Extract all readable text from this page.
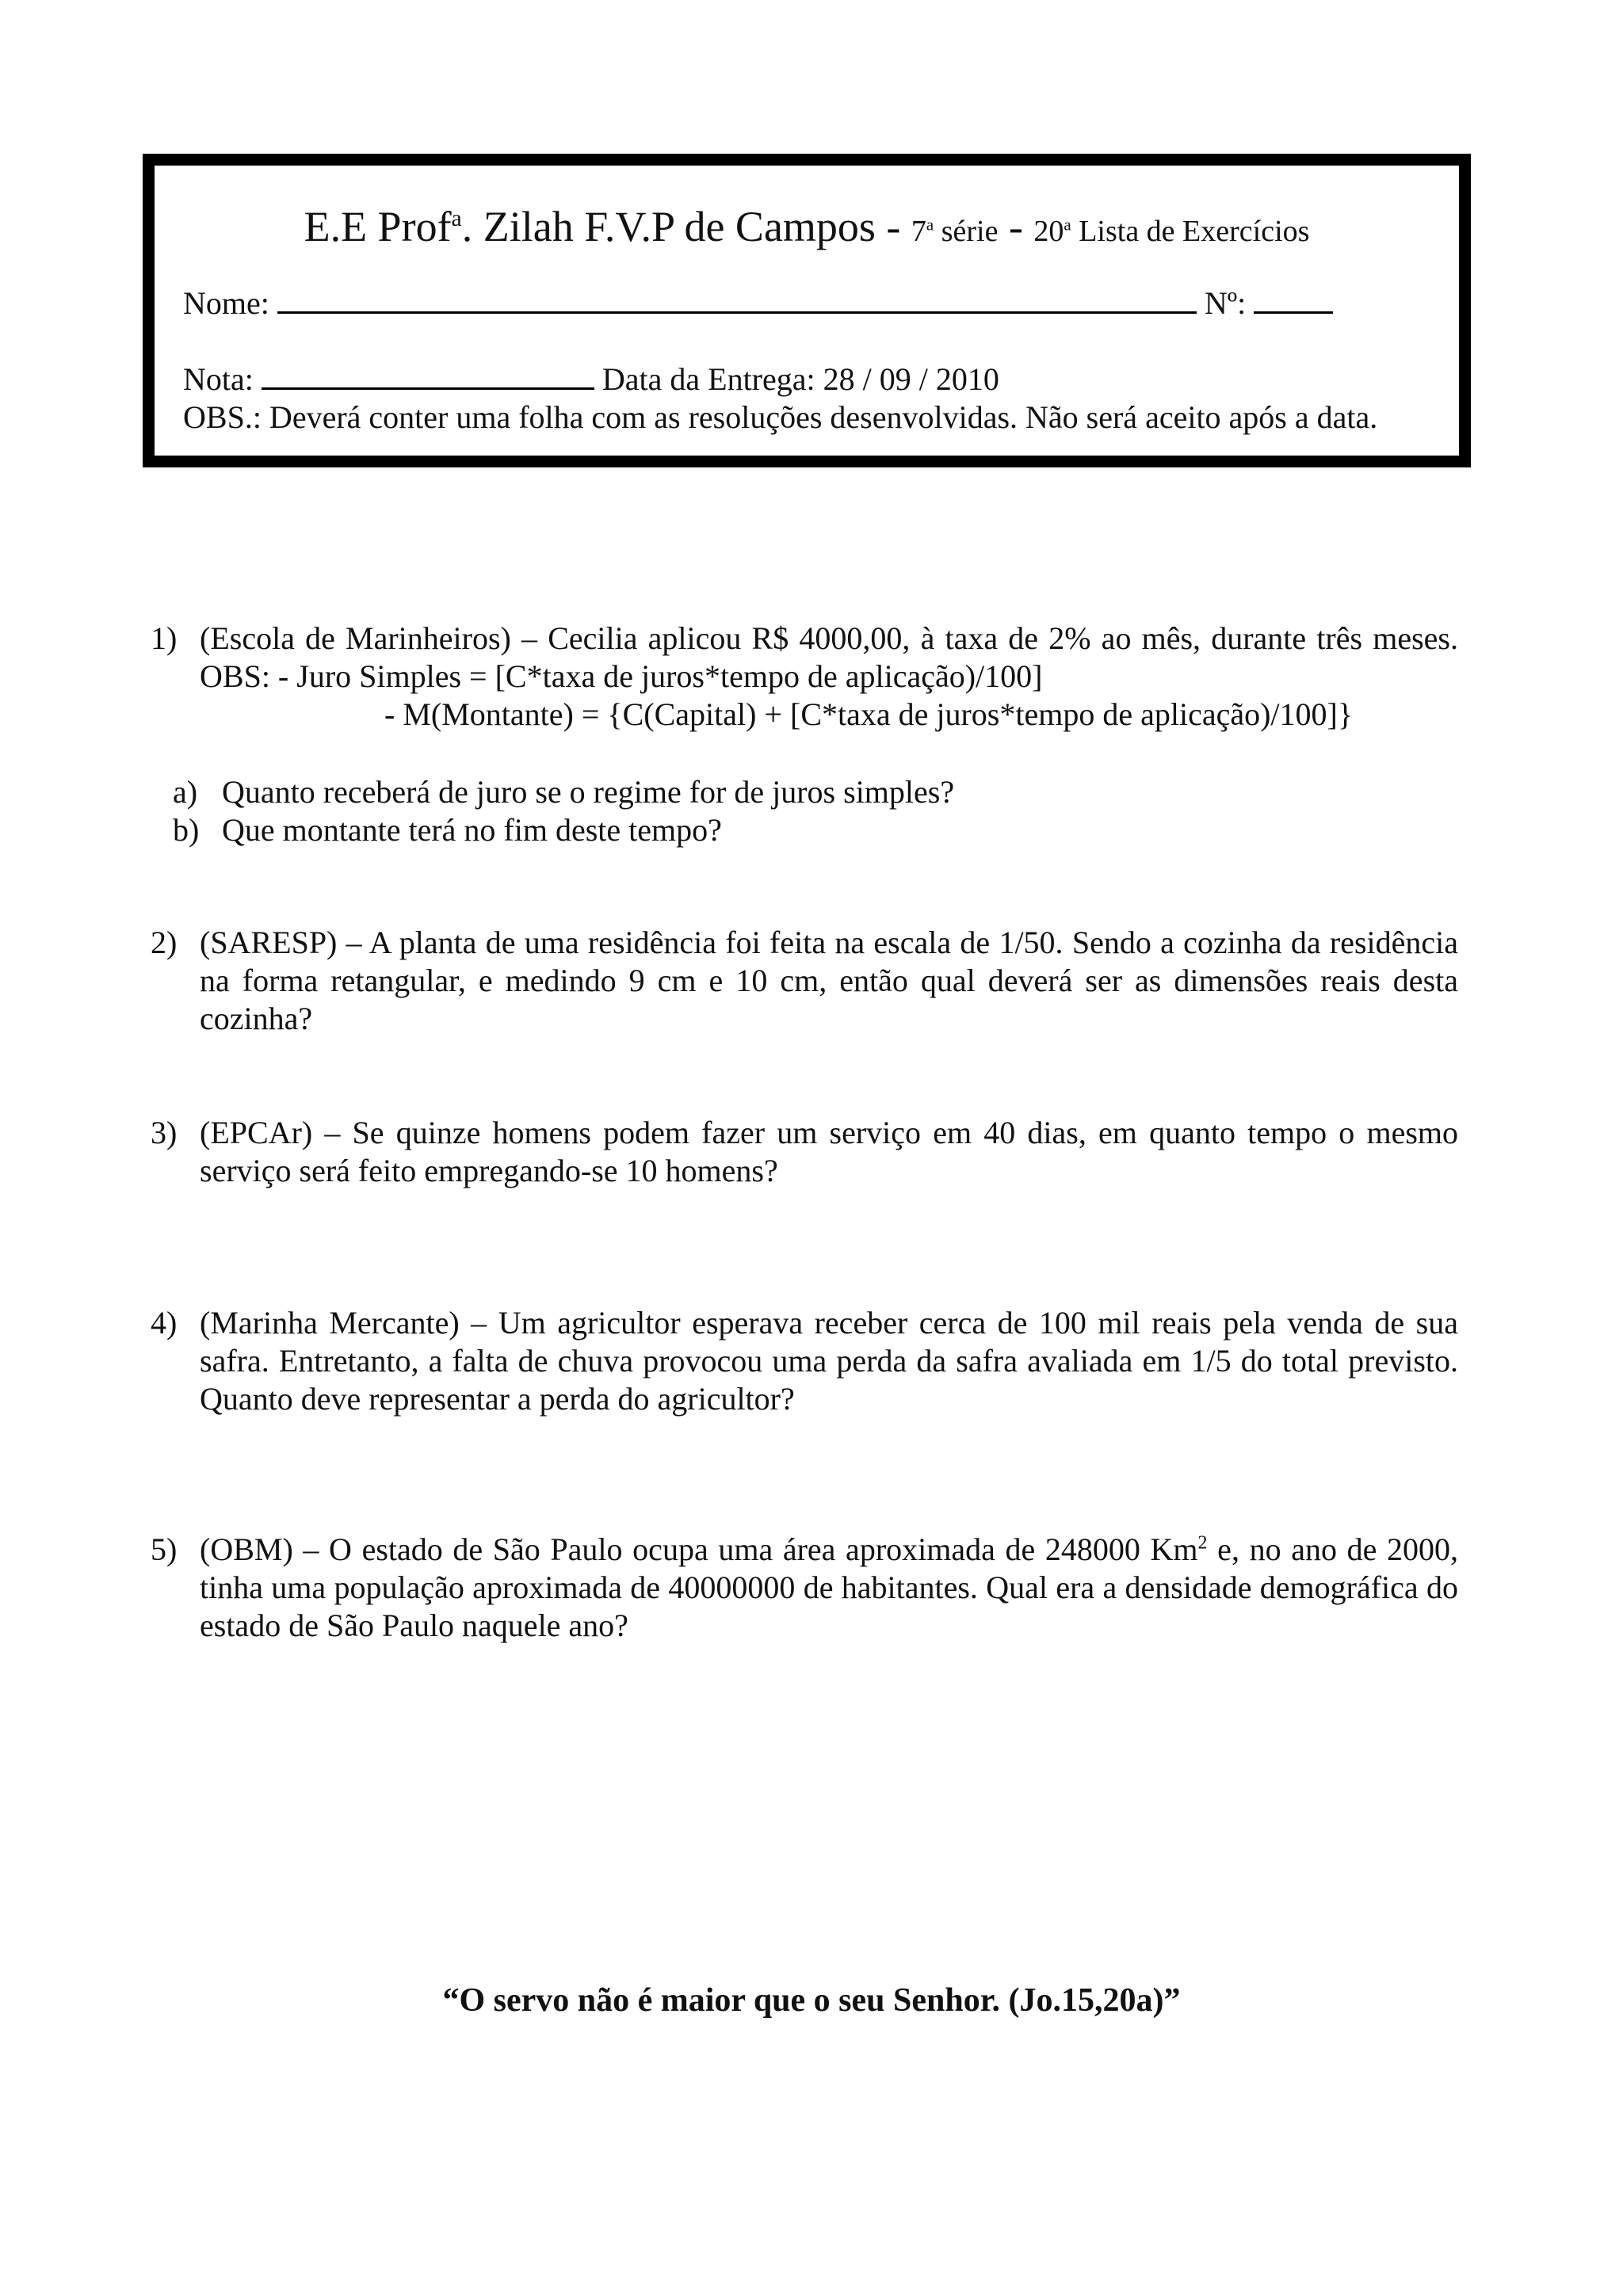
E.E Prof$^a$. Zilah F.V.P de Campos - 7$^a$ série - 20$^a$ Lista de Exercícios
Nome:	Nº:
Nota:	Data da Entrega: 28 / 09 / 2010
OBS.: Deverá conter uma folha com as resoluções desenvolvidas. Não será aceito após a data.
1) (Escola de Marinheiros) – Cecilia aplicou R$ 4000,00, à taxa de 2% ao mês, durante três meses. OBS: - Juro Simples = [C*taxa de juros*tempo de aplicação)/100]
- M(Montante) = {C(Capital) + [C*taxa de juros*tempo de aplicação)/100]}
a) Quanto receberá de juro se o regime for de juros simples?
b) Que montante terá no fim deste tempo?
2) (SARESP) – A planta de uma residência foi feita na escala de 1/50. Sendo a cozinha da residência na forma retangular, e medindo 9 cm e 10 cm, então qual deverá ser as dimensões reais desta cozinha?
3) (EPCAr) – Se quinze homens podem fazer um serviço em 40 dias, em quanto tempo o mesmo serviço será feito empregando-se 10 homens?
4) (Marinha Mercante) – Um agricultor esperava receber cerca de 100 mil reais pela venda de sua safra. Entretanto, a falta de chuva provocou uma perda da safra avaliada em 1/5 do total previsto. Quanto deve representar a perda do agricultor?
5) (OBM) – O estado de São Paulo ocupa uma área aproximada de 248000 Km$^2$ e, no ano de 2000, tinha uma população aproximada de 40000000 de habitantes. Qual era a densidade demográfica do estado de São Paulo naquele ano?
“O servo não é maior que o seu Senhor. (Jo.15,20a)”
